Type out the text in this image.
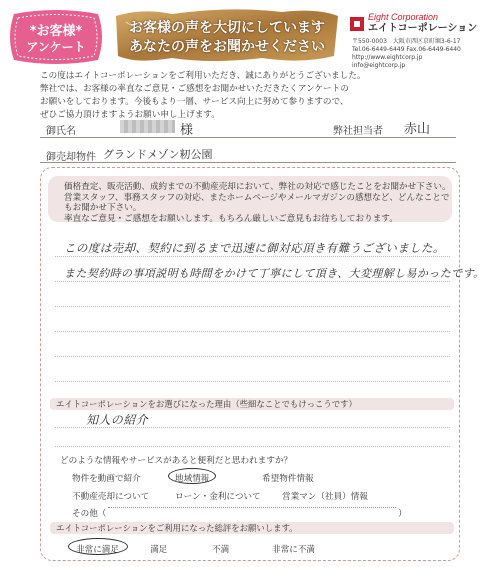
*お客様*
アンケート
お客様の声を大切にしています
あなたの声をお聞かせください
Eight Corporation
エイトコーポレーション
〒550-0003　大阪市西区京町堀3-6-17
Tel.06-6449-6449 Fax.06-6449-6440
http://www.eightcorp.jp
info@eightcorp.jp
この度はエイトコーポレーションをご利用いただき、誠にありがとうございました。
弊社では、お客様の率直なご意見・ご感想をお聞かせいただきたくアンケートの
お願いをしております。今後もより一層、サービス向上に努めて参りますので、
ぜひご協力頂けますようお願い申し上げます。
御氏名	様	弊社担当者 赤山
御売却物件 グランドメゾン籾公園
価格査定、販売活動、成約までの不動産売却において、弊社の対応で感じたことをお聞かせ下さい。
営業スタッフ、事務スタッフの対応、またホームページやメールマガジンの感想など、どんなことでもお聞かせ下さい。
率直なご意見・ご感想をお願いします。もちろん厳しいご意見もお待ちしております。
この度は売却、契約に到るまで迅速に御対応頂き有難うございました。
また契約時の事項説明も時間をかけて丁寧にして頂き、大変理解し易かったです。
エイトコーポレーションをお選びになった理由（些細なことでもけっこうです）
知人の紹介
どのような情報やサービスがあると便利だと思われますか？
物件を動画で紹介	地域情報	希望物件情報
不動産売却について	ローン・金利について 営業マン（社員）情報
その他（	）
エイトコーポレーションをご利用になった総評をお願いします。
非常に満足	満足	不満	非常に不満
